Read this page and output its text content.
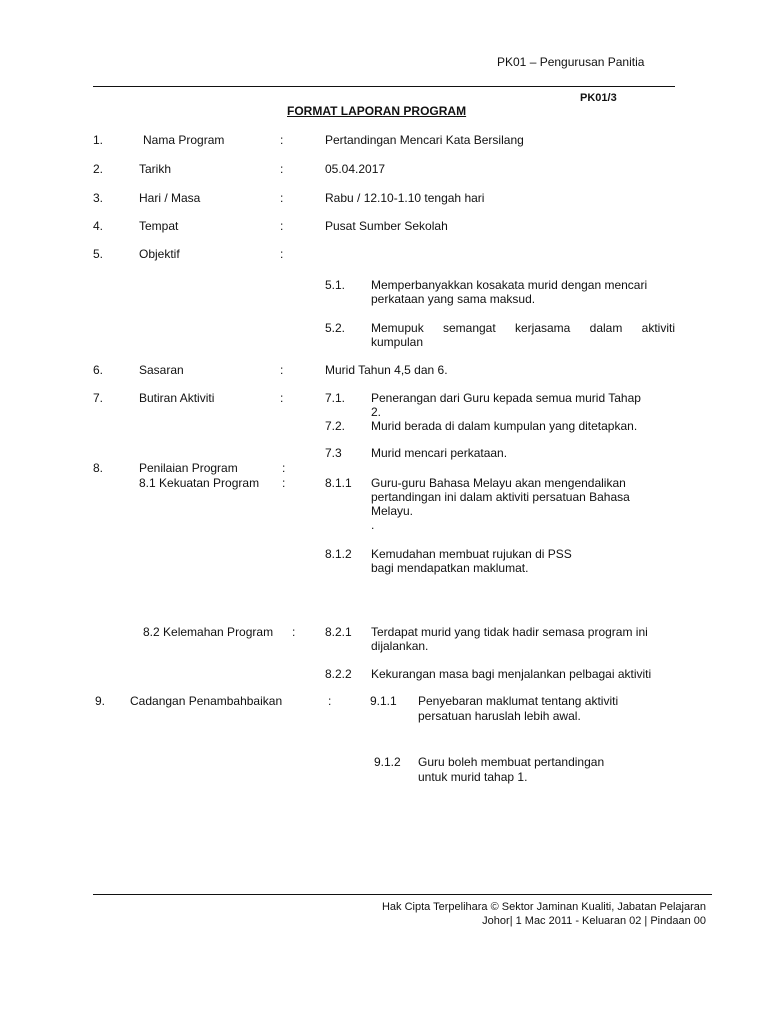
PK01 – Pengurusan Panitia
PK01/3
FORMAT LAPORAN PROGRAM
1.	Nama Program	:	Pertandingan Mencari Kata Bersilang
2.	Tarikh	:	05.04.2017
3.	Hari / Masa	:	Rabu / 12.10-1.10 tengah hari
4.	Tempat	:	Pusat Sumber Sekolah
5.	Objektif	:
5.1. Memperbanyakkan kosakata murid dengan mencari
perkataan yang sama maksud.
5.2. Memupuk semangat kerjasama dalam aktiviti
kumpulan
6.	Sasaran	:	Murid Tahun 4,5 dan 6.
7.	Butiran Aktiviti	:	7.1. Penerangan dari Guru kepada semua murid Tahap
2.
7.2. Murid berada di dalam kumpulan yang ditetapkan.
7.3 Murid mencari perkataan.
8.	Penilaian Program	:
8.1 Kekuatan Program :	8.1.1 Guru-guru Bahasa Melayu akan mengendalikan
pertandingan ini dalam aktiviti persatuan Bahasa
Melayu.
.
8.1.2 Kemudahan membuat rujukan di PSS
bagi mendapatkan maklumat.
8.2 Kelemahan Program : 8.2.1 Terdapat murid yang tidak hadir semasa program ini
dijalankan.
8.2.2 Kekurangan masa bagi menjalankan pelbagai aktiviti
9. Cadangan Penambahbaikan	:	9.1.1 Penyebaran maklumat tentang aktiviti
persatuan haruslah lebih awal.
9.1.2 Guru boleh membuat pertandingan
untuk murid tahap 1.
Hak Cipta Terpelihara © Sektor Jaminan Kualiti, Jabatan Pelajaran
Johor| 1 Mac 2011 - Keluaran 02 | Pindaan 00
